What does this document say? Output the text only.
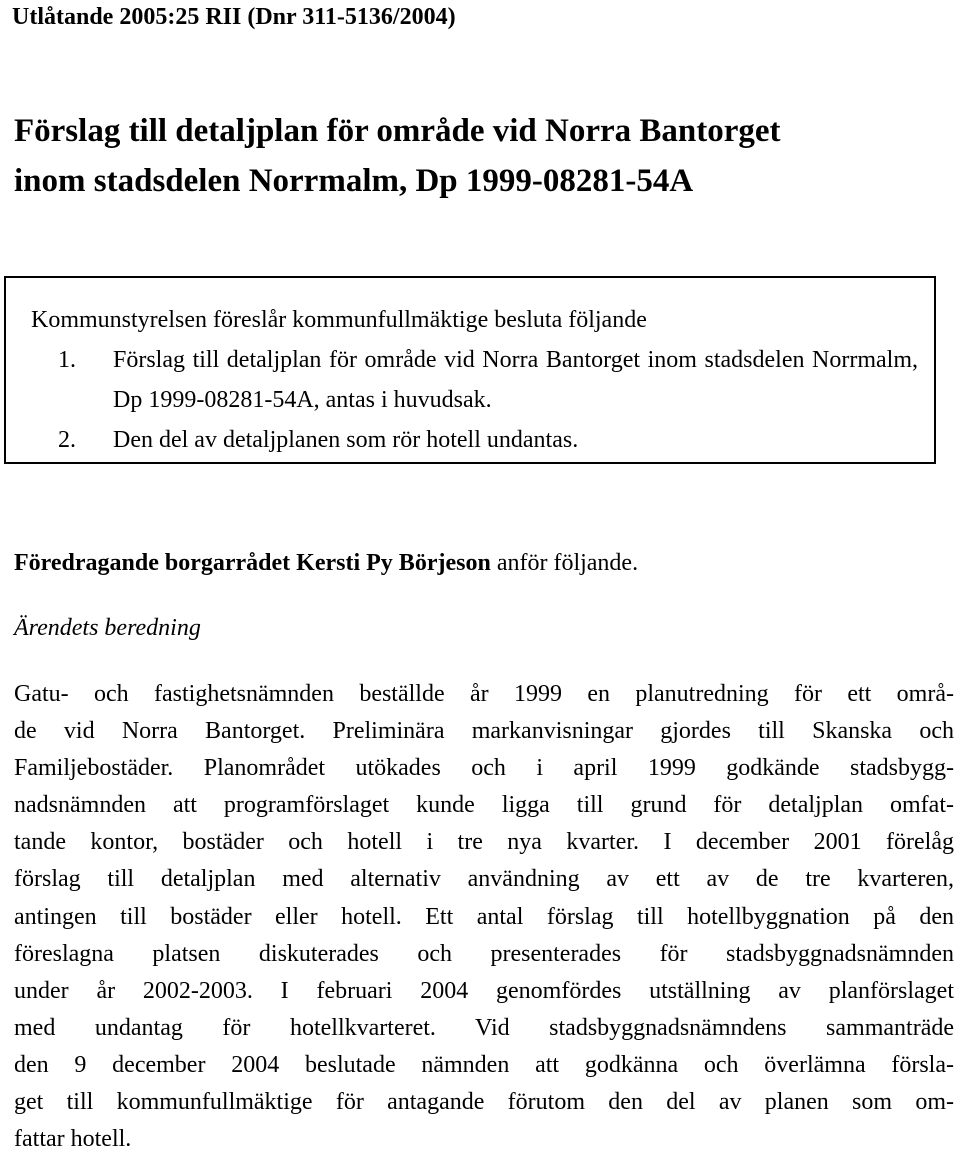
Utlåtande 2005:25 RII (Dnr 311-5136/2004)
Förslag till detaljplan för område vid Norra Bantorget
inom stadsdelen Norrmalm, Dp 1999-08281-54A
Kommunstyrelsen föreslår kommunfullmäktige besluta följande
1. Förslag till detaljplan för område vid Norra Bantorget inom stadsdelen Norrmalm, Dp 1999-08281-54A, antas i huvudsak.
2. Den del av detaljplanen som rör hotell undantas.
Föredragande borgarrådet Kersti Py Börjeson anför följande.
Ärendets beredning
Gatu- och fastighetsnämnden beställde år 1999 en planutredning för ett områ-
de vid Norra Bantorget. Preliminära markanvisningar gjordes till Skanska och
Familjebostäder. Planområdet utökades och i april 1999 godkände stadsbygg-
nadsnämnden att programförslaget kunde ligga till grund för detaljplan omfat-
tande kontor, bostäder och hotell i tre nya kvarter. I december 2001 förelåg
förslag till detaljplan med alternativ användning av ett av de tre kvarteren,
antingen till bostäder eller hotell. Ett antal förslag till hotellbyggnation på den
föreslagna platsen diskuterades och presenterades för stadsbyggnadsnämnden
under år 2002-2003. I februari 2004 genomfördes utställning av planförslaget
med undantag för hotellkvarteret. Vid stadsbyggnadsnämndens sammanträde
den 9 december 2004 beslutade nämnden att godkänna och överlämna försla-
get till kommunfullmäktige för antagande förutom den del av planen som om-
fattar hotell.
